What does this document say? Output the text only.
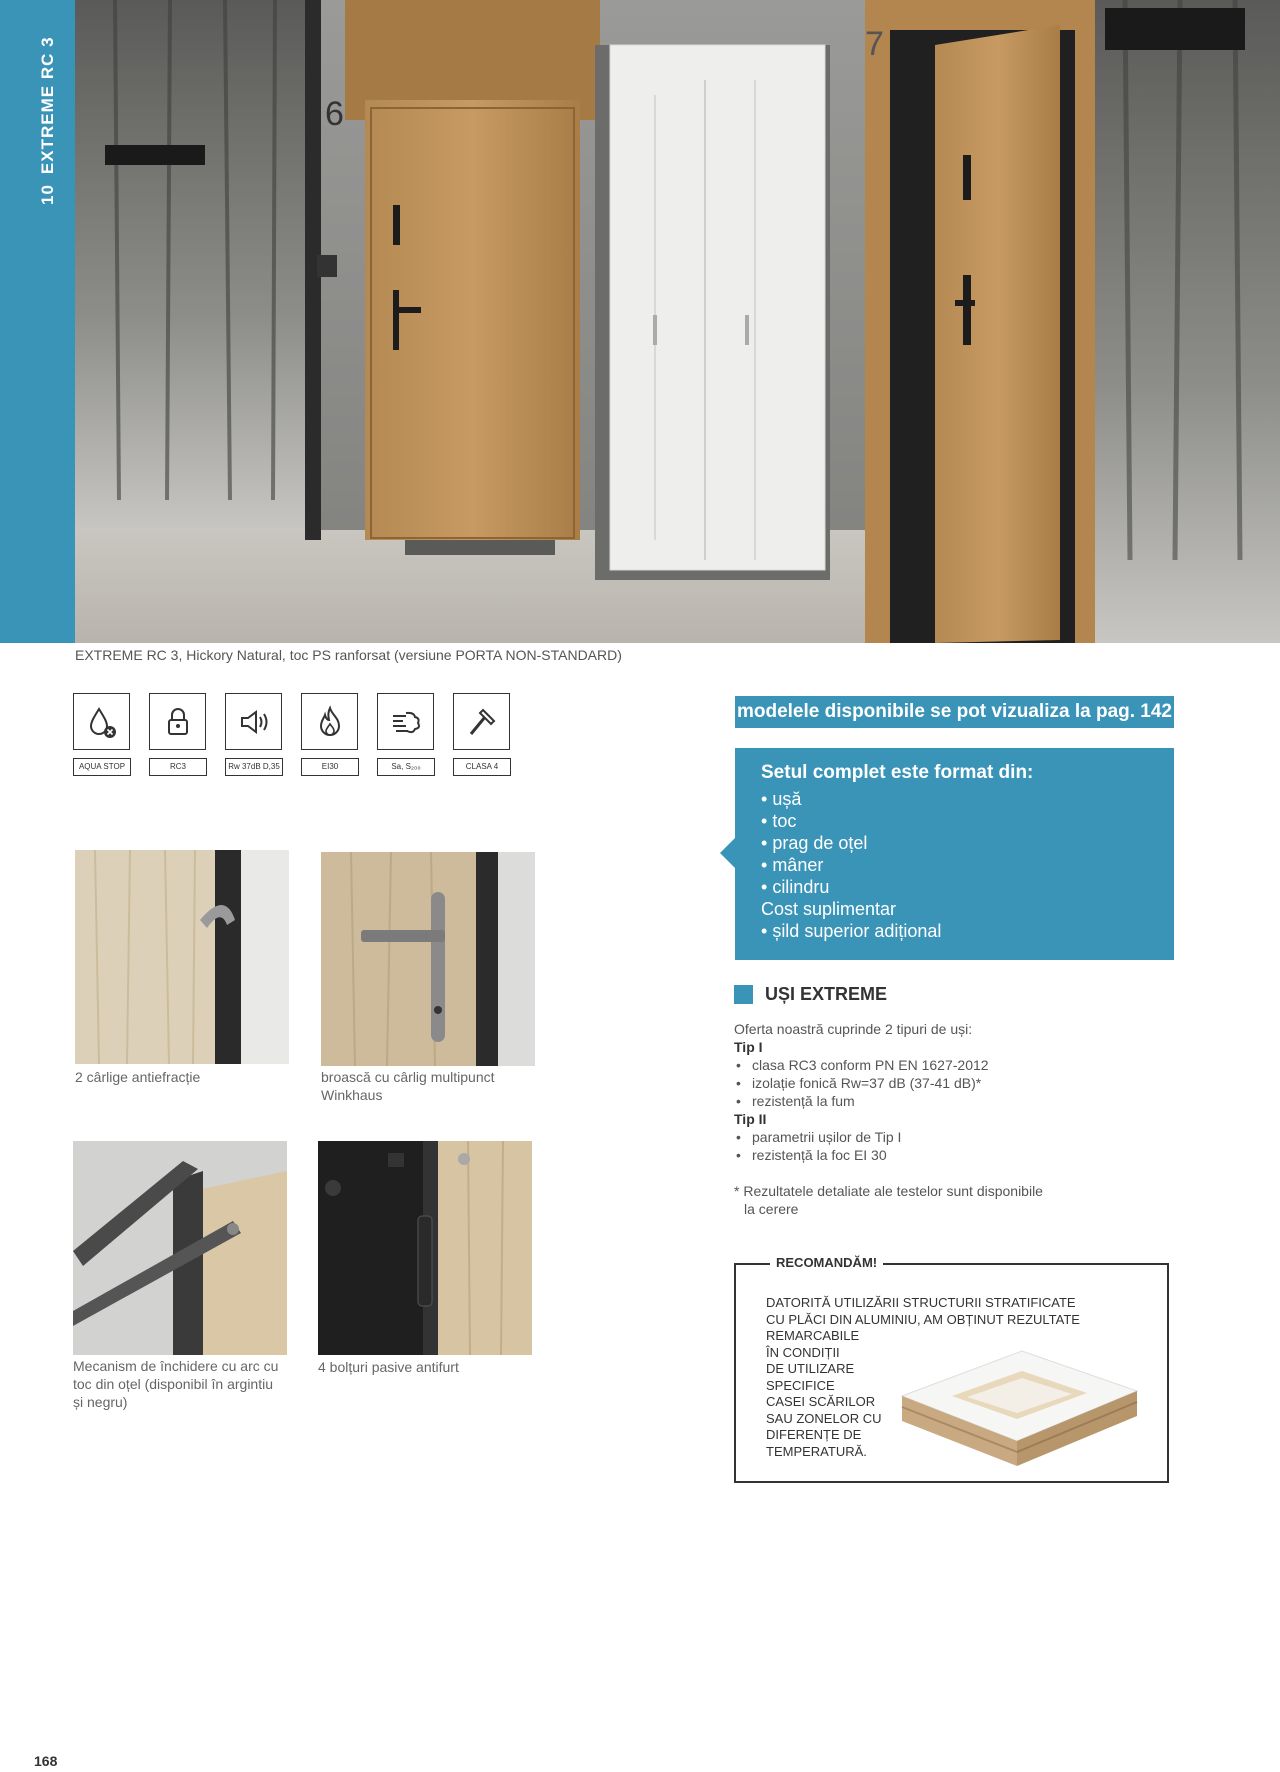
10EXTREME RC 3	6
7
EXTREME RC 3, Hickory Natural, toc PS ranforsat (versiune PORTA NON-STANDARD)
AQUA STOP	RC3	Rw 37dB D,35	EI30	Sa, S₂₀₀	CLASA 4
2 cârlige antiefracție	broască cu cârlig multipunct
Winkhaus
Mecanism de închidere cu arc cu
toc din oțel (disponibil în argintiu
și negru)
4 bolțuri pasive antifurt
modelele disponibile se pot vizualiza la pag. 142
Setul complet este format din:
• ușă
• toc
• prag de oțel
• mâner
• cilindru
Cost suplimentar
• șild superior adițional
UȘI EXTREME
Oferta noastră cuprinde 2 tipuri de uși:
Tip I
• clasa RC3 conform PN EN 1627-2012
• izolație fonică Rw=37 dB (37-41 dB)*
• rezistență la fum
Tip II
• parametrii ușilor de Tip I
• rezistență la foc EI 30
* Rezultatele detaliate ale testelor sunt disponibile
la cerere
RECOMANDĂM!
DATORITĂ UTILIZĂRII STRUCTURII STRATIFICATE
CU PLĂCI DIN ALUMINIU, AM OBȚINUT REZULTATE
REMARCABILE
ÎN CONDIȚII
DE UTILIZARE
SPECIFICE
CASEI SCĂRILOR
SAU ZONELOR CU
DIFERENȚE DE
TEMPERATURĂ.
168
